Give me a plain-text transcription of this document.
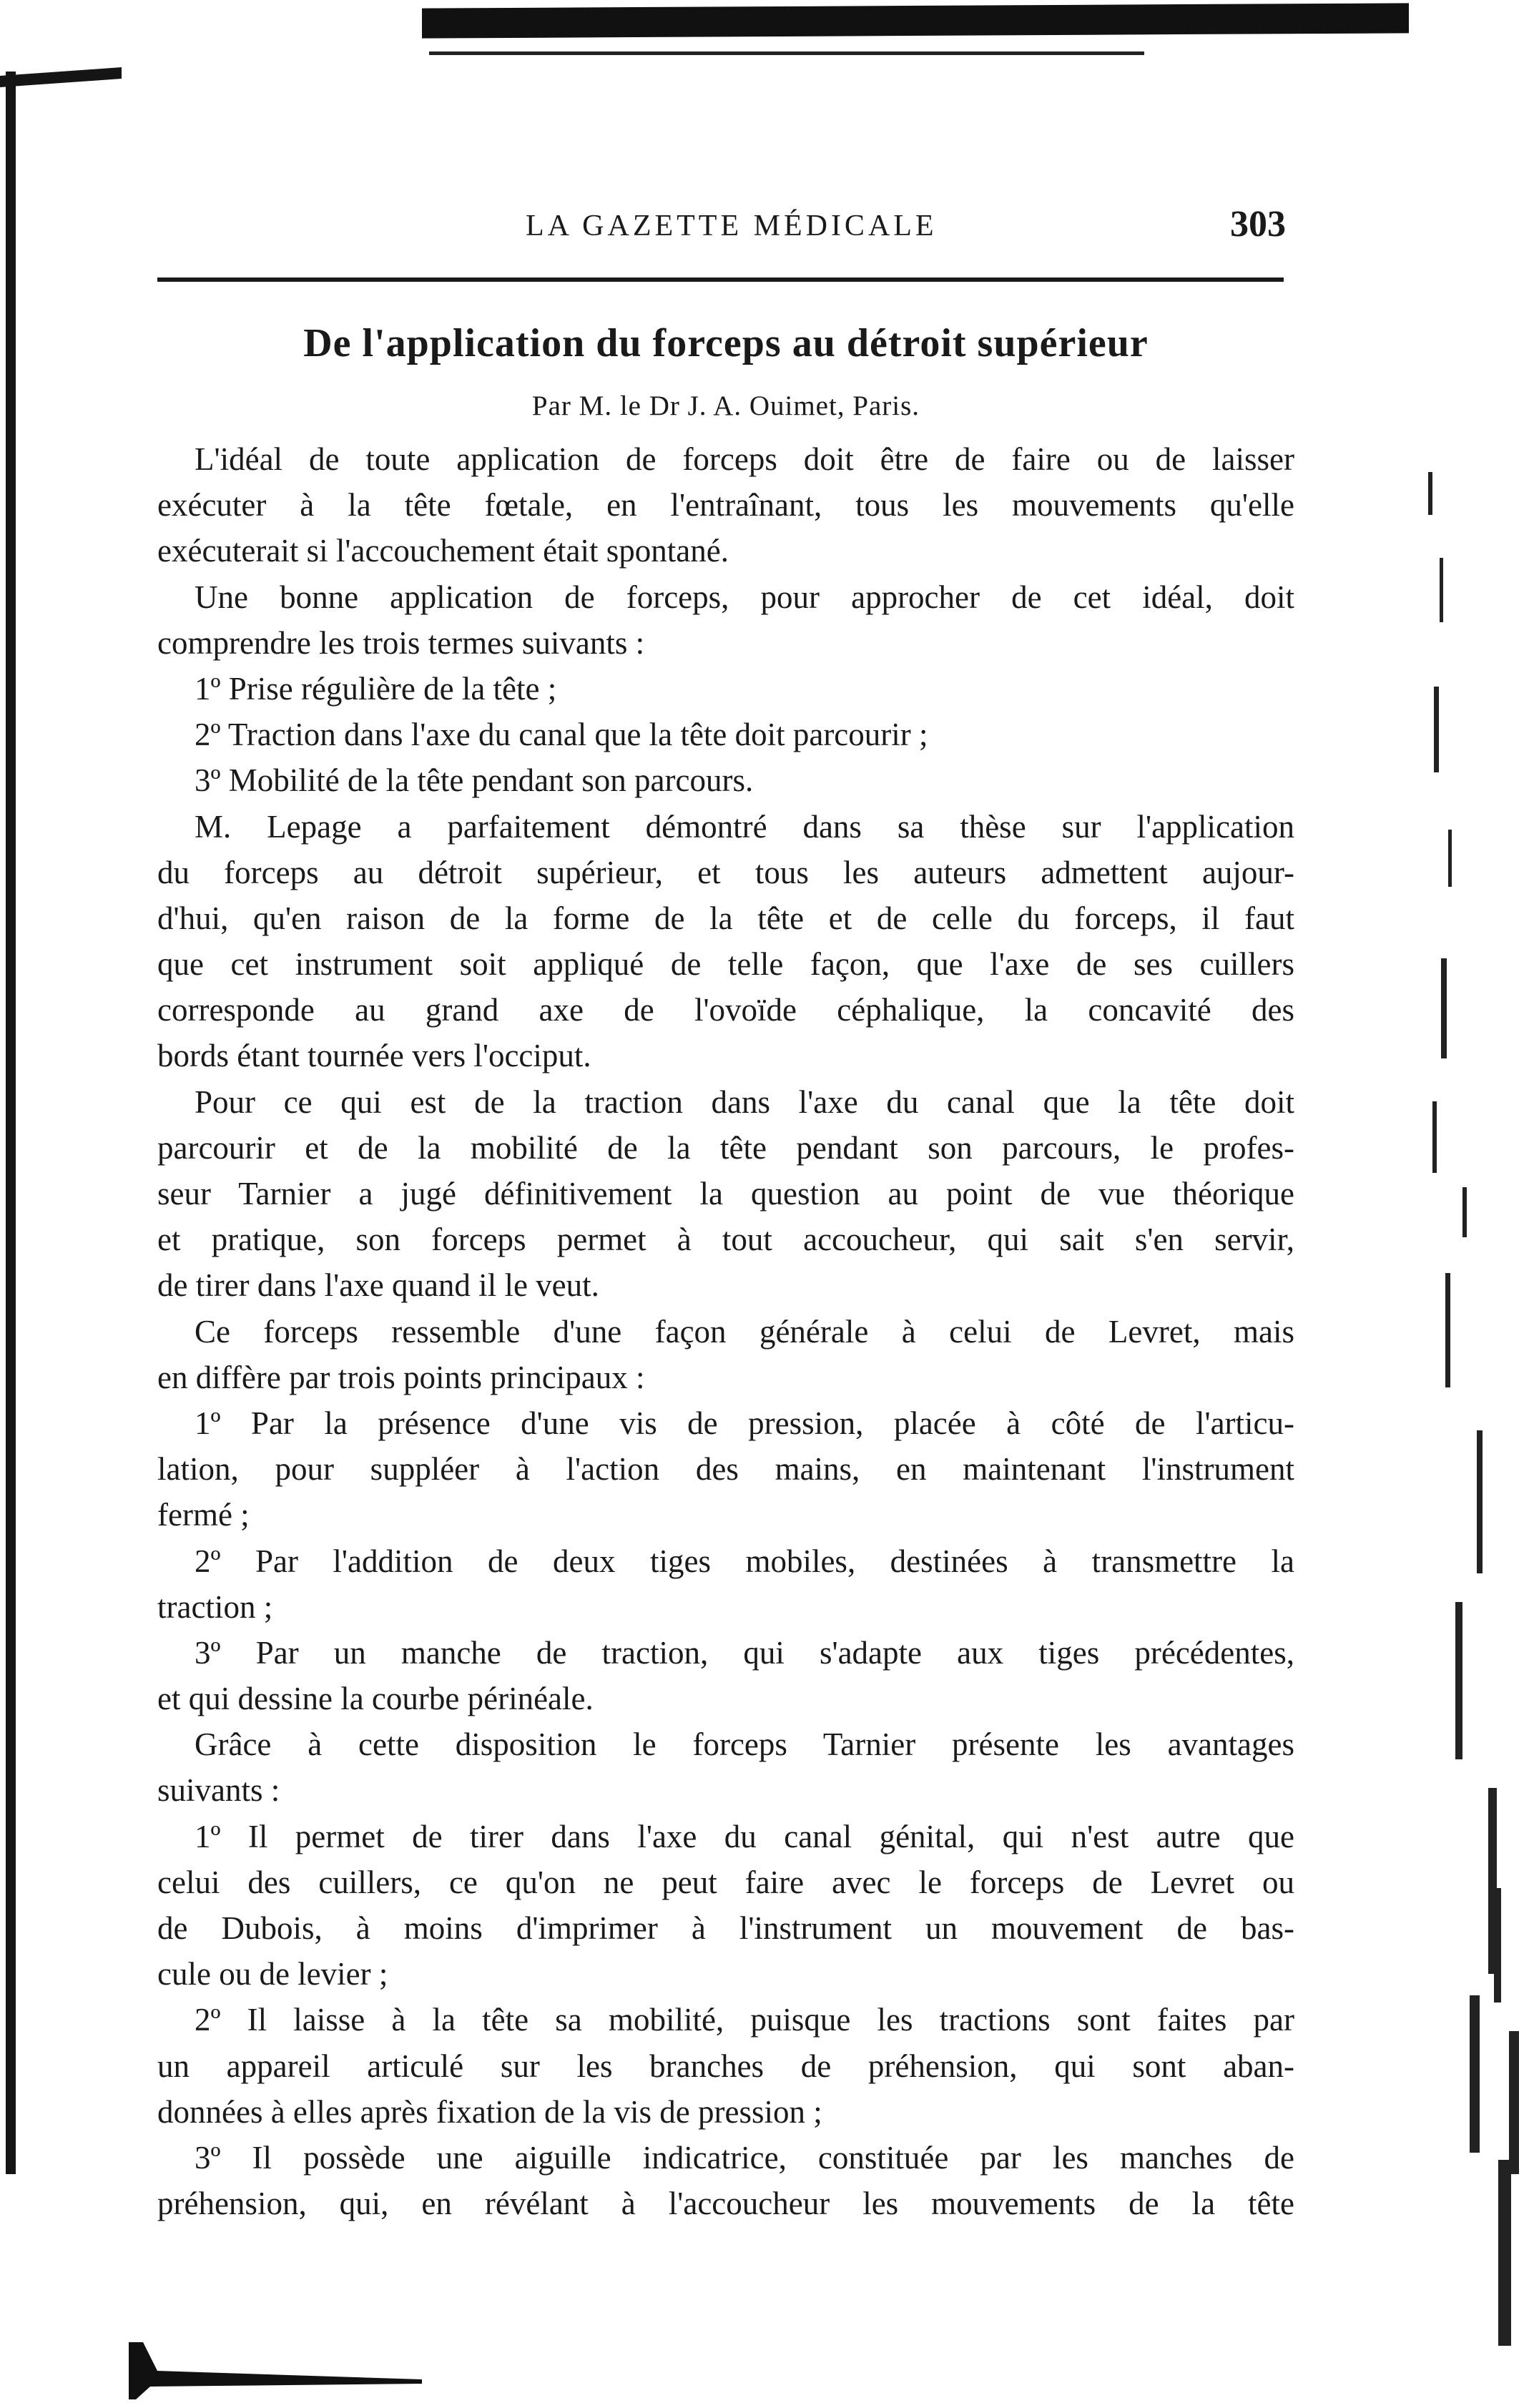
LA GAZETTE MÉDICALE	303
De l'application du forceps au détroit supérieur
Par M. le Dr J. A. Ouimet, Paris.
L'idéal de toute application de forceps doit être de faire ou de laisser
exécuter à la tête fœtale, en l'entraînant, tous les mouvements qu'elle
exécuterait si l'accouchement était spontané.
Une bonne application de forceps, pour approcher de cet idéal, doit
comprendre les trois termes suivants :
1º Prise régulière de la tête ;
2º Traction dans l'axe du canal que la tête doit parcourir ;
3º Mobilité de la tête pendant son parcours.
M. Lepage a parfaitement démontré dans sa thèse sur l'application
du forceps au détroit supérieur, et tous les auteurs admettent aujour-
d'hui, qu'en raison de la forme de la tête et de celle du forceps, il faut
que cet instrument soit appliqué de telle façon, que l'axe de ses cuillers
corresponde au grand axe de l'ovoïde céphalique, la concavité des
bords étant tournée vers l'occiput.
Pour ce qui est de la traction dans l'axe du canal que la tête doit
parcourir et de la mobilité de la tête pendant son parcours, le profes-
seur Tarnier a jugé définitivement la question au point de vue théorique
et pratique, son forceps permet à tout accoucheur, qui sait s'en servir,
de tirer dans l'axe quand il le veut.
Ce forceps ressemble d'une façon générale à celui de Levret, mais
en diffère par trois points principaux :
1º Par la présence d'une vis de pression, placée à côté de l'articu-
lation, pour suppléer à l'action des mains, en maintenant l'instrument
fermé ;
2º Par l'addition de deux tiges mobiles, destinées à transmettre la
traction ;
3º Par un manche de traction, qui s'adapte aux tiges précédentes,
et qui dessine la courbe périnéale.
Grâce à cette disposition le forceps Tarnier présente les avantages
suivants :
1º Il permet de tirer dans l'axe du canal génital, qui n'est autre que
celui des cuillers, ce qu'on ne peut faire avec le forceps de Levret ou
de Dubois, à moins d'imprimer à l'instrument un mouvement de bas-
cule ou de levier ;
2º Il laisse à la tête sa mobilité, puisque les tractions sont faites par
un appareil articulé sur les branches de préhension, qui sont aban-
données à elles après fixation de la vis de pression ;
3º Il possède une aiguille indicatrice, constituée par les manches de
préhension, qui, en révélant à l'accoucheur les mouvements de la tête
